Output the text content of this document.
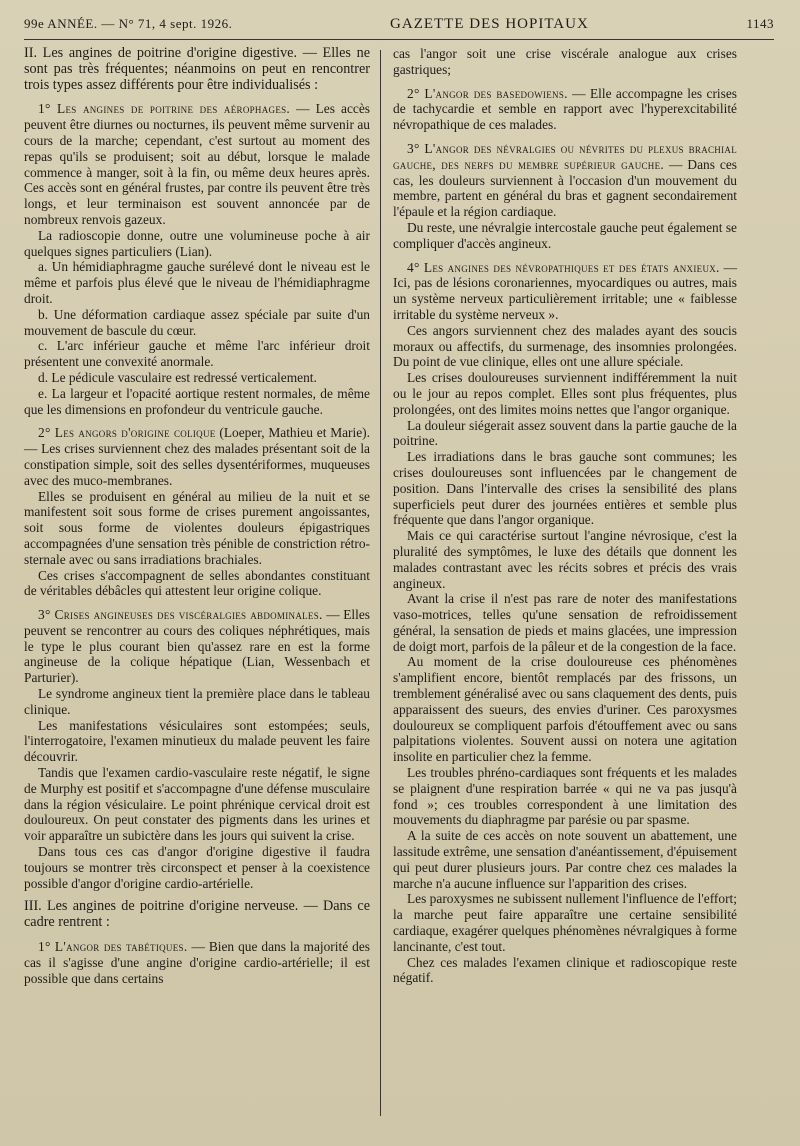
99e ANNÉE. — N° 71, 4 sept. 1926.	GAZETTE DES HOPITAUX	1143

II. Les angines de poitrine d'origine digestive. — Elles ne sont pas très fréquentes; néanmoins on peut en rencontrer trois types assez différents pour être individualisés :

1° Les angines de poitrine des aérophages. — Les accès peuvent être diurnes ou nocturnes, ils peuvent même survenir au cours de la marche; cependant, c'est surtout au moment des repas qu'ils se produisent; soit au début, lorsque le malade commence à manger, soit à la fin, ou même deux heures après. Ces accès sont en général frustes, par contre ils peuvent être très longs, et leur terminaison est souvent annoncée par de nombreux renvois gazeux.

La radioscopie donne, outre une volumineuse poche à air quelques signes particuliers (Lian).

a. Un hémidiaphragme gauche surélevé dont le niveau est le même et parfois plus élevé que le niveau de l'hémidiaphragme droit.

b. Une déformation cardiaque assez spéciale par suite d'un mouvement de bascule du cœur.

c. L'arc inférieur gauche et même l'arc inférieur droit présentent une convexité anormale.

d. Le pédicule vasculaire est redressé verticalement.

e. La largeur et l'opacité aortique restent normales, de même que les dimensions en profondeur du ventricule gauche.

2° Les angors d'origine colique (Loeper, Mathieu et Marie). — Les crises surviennent chez des malades présentant soit de la constipation simple, soit des selles dysentériformes, muqueuses avec des muco-membranes.

Elles se produisent en général au milieu de la nuit et se manifestent soit sous forme de crises purement angoissantes, soit sous forme de violentes douleurs épigastriques accompagnées d'une sensation très pénible de constriction rétro-sternale avec ou sans irradiations brachiales.

Ces crises s'accompagnent de selles abondantes constituant de véritables débâcles qui attestent leur origine colique.

3° Crises angineuses des viscéralgies abdominales. — Elles peuvent se rencontrer au cours des coliques néphrétiques, mais le type le plus courant bien qu'assez rare en est la forme angineuse de la colique hépatique (Lian, Wessenbach et Parturier).

Le syndrome angineux tient la première place dans le tableau clinique.

Les manifestations vésiculaires sont estompées; seuls, l'interrogatoire, l'examen minutieux du malade peuvent les faire découvrir.

Tandis que l'examen cardio-vasculaire reste négatif, le signe de Murphy est positif et s'accompagne d'une défense musculaire dans la région vésiculaire. Le point phrénique cervical droit est douloureux. On peut constater des pigments dans les urines et voir apparaître un subictère dans les jours qui suivent la crise.

Dans tous ces cas d'angor d'origine digestive il faudra toujours se montrer très circonspect et penser à la coexistence possible d'angor d'origine cardio-artérielle.

III. Les angines de poitrine d'origine nerveuse. — Dans ce cadre rentrent :

1° L'angor des tabétiques. — Bien que dans la majorité des cas il s'agisse d'une angine d'origine cardio-artérielle; il est possible que dans certains

cas l'angor soit une crise viscérale analogue aux crises gastriques;

2° L'angor des basedowiens. — Elle accompagne les crises de tachycardie et semble en rapport avec l'hyperexcitabilité névropathique de ces malades.

3° L'angor des névralgies ou névrites du plexus brachial gauche, des nerfs du membre supérieur gauche. — Dans ces cas, les douleurs surviennent à l'occasion d'un mouvement du membre, partent en général du bras et gagnent secondairement l'épaule et la région cardiaque.

Du reste, une névralgie intercostale gauche peut également se compliquer d'accès angineux.

4° Les angines des névropathiques et des états anxieux. — Ici, pas de lésions coronariennes, myocardiques ou autres, mais un système nerveux particulièrement irritable; une « faiblesse irritable du système nerveux ».

Ces angors surviennent chez des malades ayant des soucis moraux ou affectifs, du surmenage, des insomnies prolongées. Du point de vue clinique, elles ont une allure spéciale.

Les crises douloureuses surviennent indifféremment la nuit ou le jour au repos complet. Elles sont plus fréquentes, plus prolongées, ont des limites moins nettes que l'angor organique.

La douleur siégerait assez souvent dans la partie gauche de la poitrine.

Les irradiations dans le bras gauche sont communes; les crises douloureuses sont influencées par le changement de position. Dans l'intervalle des crises la sensibilité des plans superficiels peut durer des journées entières et semble plus fréquente que dans l'angor organique.

Mais ce qui caractérise surtout l'angine névrosique, c'est la pluralité des symptômes, le luxe des détails que donnent les malades contrastant avec les récits sobres et précis des vrais angineux.

Avant la crise il n'est pas rare de noter des manifestations vaso-motrices, telles qu'une sensation de refroidissement général, la sensation de pieds et mains glacées, une impression de doigt mort, parfois de la pâleur et de la congestion de la face.

Au moment de la crise douloureuse ces phénomènes s'amplifient encore, bientôt remplacés par des frissons, un tremblement généralisé avec ou sans claquement des dents, puis apparaissent des sueurs, des envies d'uriner. Ces paroxysmes douloureux se compliquent parfois d'étouffement avec ou sans palpitations violentes. Souvent aussi on notera une agitation insolite en particulier chez la femme.

Les troubles phréno-cardiaques sont fréquents et les malades se plaignent d'une respiration barrée « qui ne va pas jusqu'à fond »; ces troubles correspondent à une limitation des mouvements du diaphragme par parésie ou par spasme.

A la suite de ces accès on note souvent un abattement, une lassitude extrême, une sensation d'anéantissement, d'épuisement qui peut durer plusieurs jours. Par contre chez ces malades la marche n'a aucune influence sur l'apparition des crises.

Les paroxysmes ne subissent nullement l'influence de l'effort; la marche peut faire apparaître une certaine sensibilité cardiaque, exagérer quelques phénomènes névralgiques à forme lancinante, c'est tout.

Chez ces malades l'examen clinique et radioscopique reste négatif.
